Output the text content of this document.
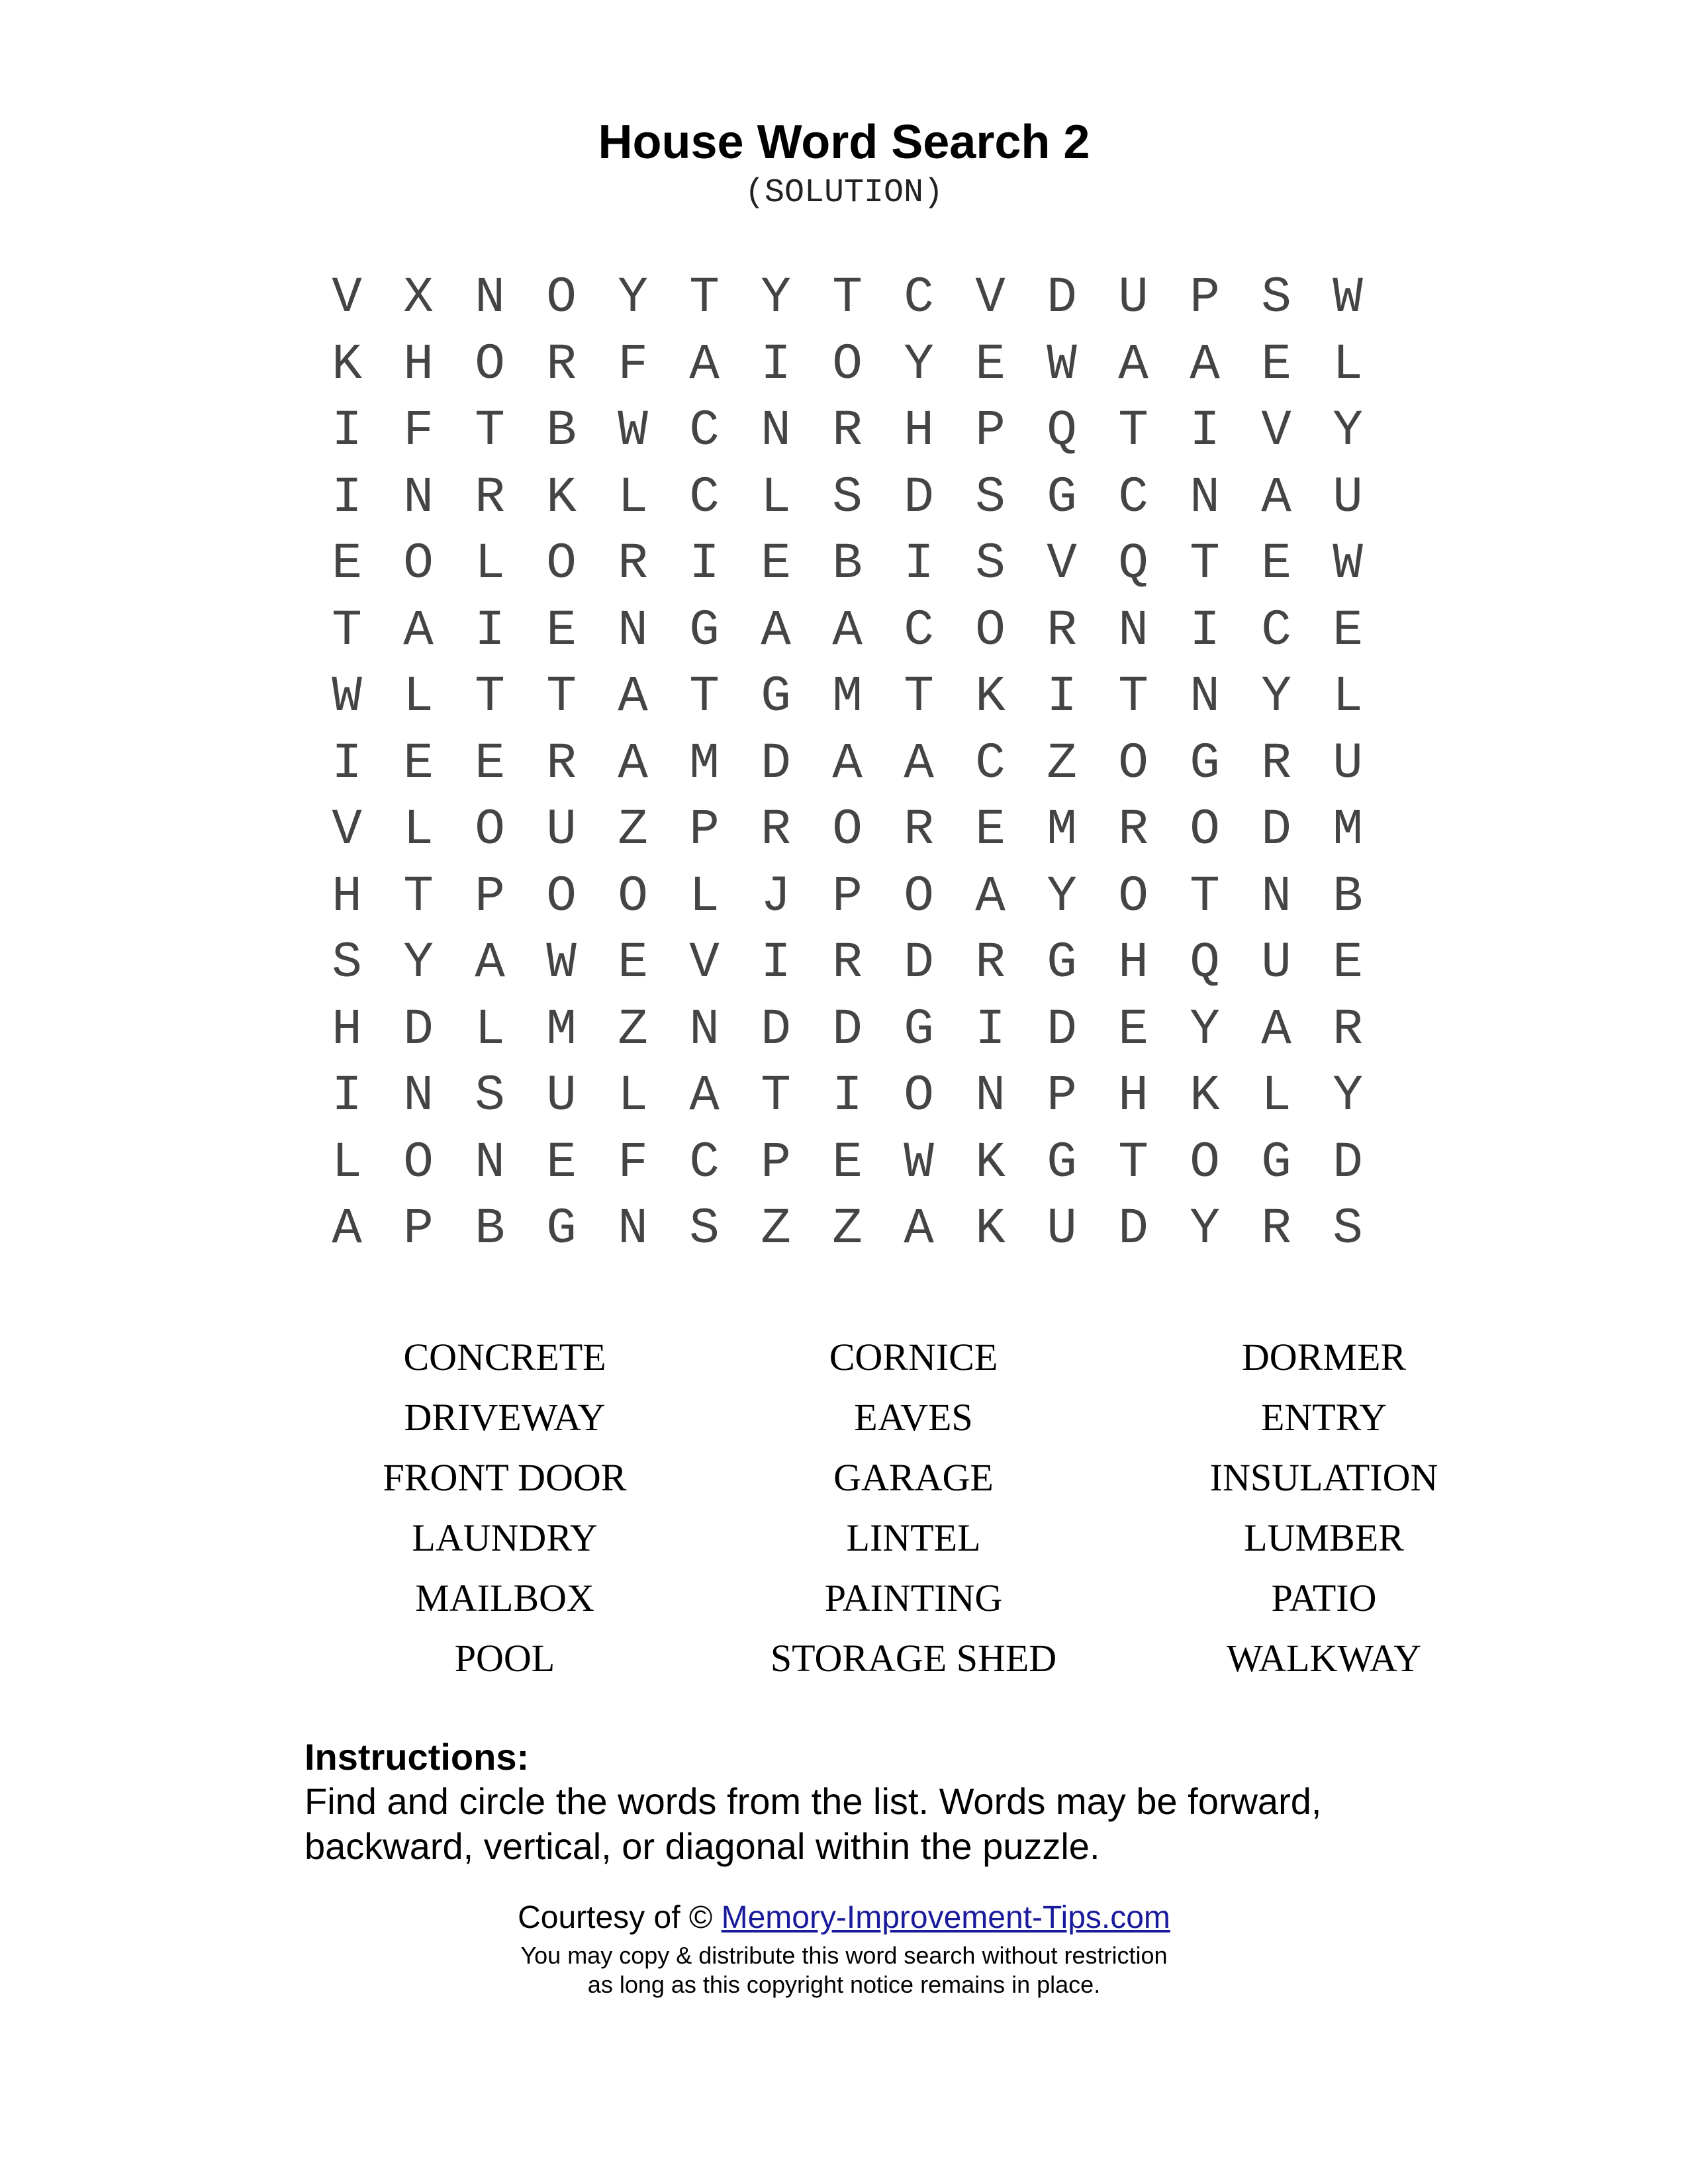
House Word Search 2
(SOLUTION)
V X N O Y T Y T C V D U P S W
K H O R F A I O Y E W A A E L
I F T B W C N R H P Q T I V Y
I N R K L C L S D S G C N A U
E O L O R I E B I S V Q T E W
T A I E N G A A C O R N I C E
W L T T A T G M T K I T N Y L
I E E R A M D A A C Z O G R U
V L O U Z P R O R E M R O D M
H T P O O L J P O A Y O T N B
S Y A W E V I R D R G H Q U E
H D L M Z N D D G I D E Y A R
I N S U L A T I O N P H K L Y
L O N E F C P E W K G T O G D
A P B G N S Z Z A K U D Y R S
CONCRETE	CORNICE	DORMER
DRIVEWAY	EAVES	ENTRY
FRONT DOOR	GARAGE	INSULATION
LAUNDRY	LINTEL	LUMBER
MAILBOX	PAINTING	PATIO
POOL	STORAGE SHED	WALKWAY
Instructions:
Find and circle the words from the list. Words may be forward,
backward, vertical, or diagonal within the puzzle.
Courtesy of © Memory-Improvement-Tips.com
You may copy & distribute this word search without restriction
as long as this copyright notice remains in place.
